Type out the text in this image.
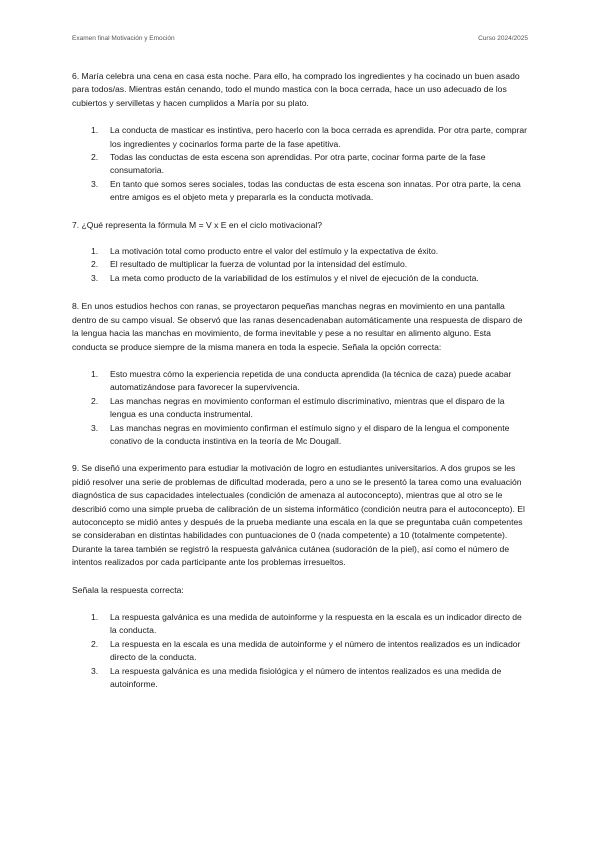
Examen final Motivación y Emoción	Curso 2024/2025

6. María celebra una cena en casa esta noche. Para ello, ha comprado los ingredientes y ha cocinado un buen asado para todos/as. Mientras están cenando, todo el mundo mastica con la boca cerrada, hace un uso adecuado de los cubiertos y servilletas y hacen cumplidos a María por su plato.

1. La conducta de masticar es instintiva, pero hacerlo con la boca cerrada es aprendida. Por otra parte, comprar los ingredientes y cocinarlos forma parte de la fase apetitiva.
2. Todas las conductas de esta escena son aprendidas. Por otra parte, cocinar forma parte de la fase consumatoria.
3. En tanto que somos seres sociales, todas las conductas de esta escena son innatas. Por otra parte, la cena entre amigos es el objeto meta y prepararla es la conducta motivada.

7. ¿Qué representa la fórmula M = V x E en el ciclo motivacional?

1. La motivación total como producto entre el valor del estímulo y la expectativa de éxito.
2. El resultado de multiplicar la fuerza de voluntad por la intensidad del estímulo.
3. La meta como producto de la variabilidad de los estímulos y el nivel de ejecución de la conducta.

8. En unos estudios hechos con ranas, se proyectaron pequeñas manchas negras en movimiento en una pantalla dentro de su campo visual. Se observó que las ranas desencadenaban automáticamente una respuesta de disparo de la lengua hacia las manchas en movimiento, de forma inevitable y pese a no resultar en alimento alguno. Esta conducta se produce siempre de la misma manera en toda la especie. Señala la opción correcta:

1. Esto muestra cómo la experiencia repetida de una conducta aprendida (la técnica de caza) puede acabar automatizándose para favorecer la supervivencia.
2. Las manchas negras en movimiento conforman el estímulo discriminativo, mientras que el disparo de la lengua es una conducta instrumental.
3. Las manchas negras en movimiento confirman el estímulo signo y el disparo de la lengua el componente conativo de la conducta instintiva en la teoría de Mc Dougall.

9. Se diseñó una experimento para estudiar la motivación de logro en estudiantes universitarios. A dos grupos se les pidió resolver una serie de problemas de dificultad moderada, pero a uno se le presentó la tarea como una evaluación diagnóstica de sus capacidades intelectuales (condición de amenaza al autoconcepto), mientras que al otro se le describió como una simple prueba de calibración de un sistema informático (condición neutra para el autoconcepto). El autoconcepto se midió antes y después de la prueba mediante una escala en la que se preguntaba cuán competentes se consideraban en distintas habilidades con puntuaciones de 0 (nada competente) a 10 (totalmente competente). Durante la tarea también se registró la respuesta galvánica cutánea (sudoración de la piel), así como el número de intentos realizados por cada participante ante los problemas irresueltos.

Señala la respuesta correcta:

1. La respuesta galvánica es una medida de autoinforme y la respuesta en la escala es un indicador directo de la conducta.
2. La respuesta en la escala es una medida de autoinforme y el número de intentos realizados es un indicador directo de la conducta.
3. La respuesta galvánica es una medida fisiológica y el número de intentos realizados es una medida de autoinforme.
